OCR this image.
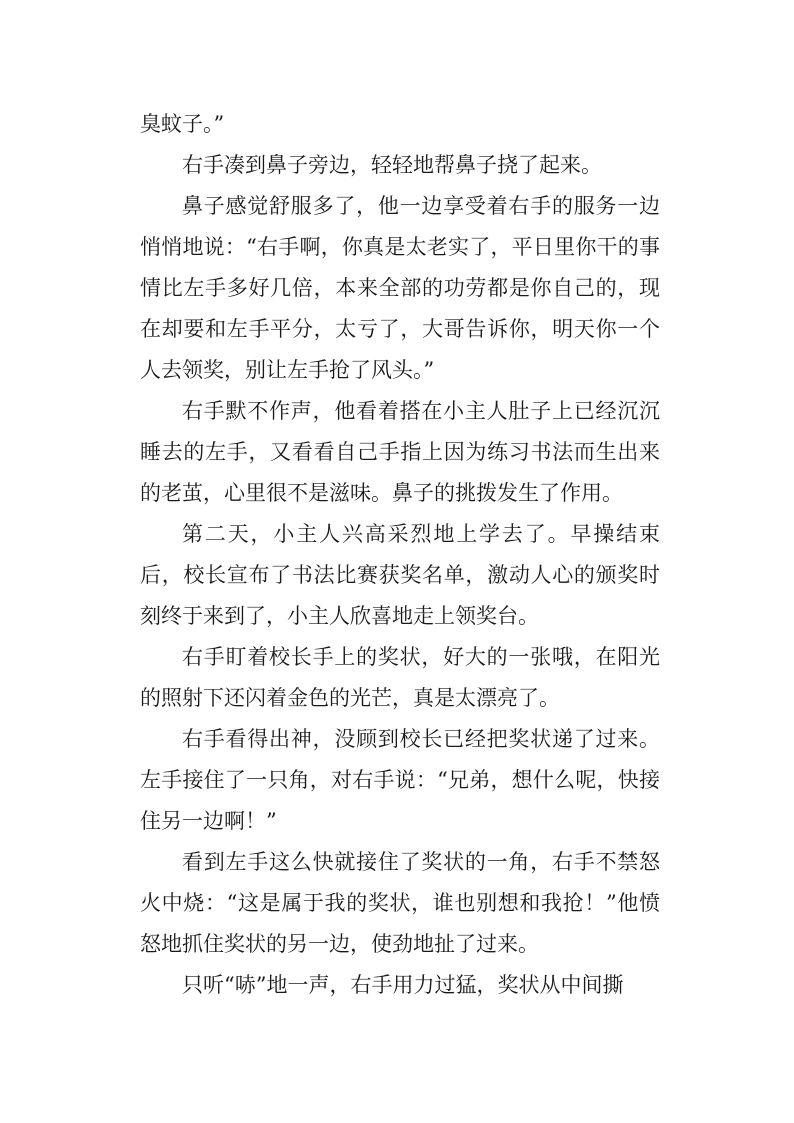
臭蚊子。”

右手凑到鼻子旁边，轻轻地帮鼻子挠了起来。

鼻子感觉舒服多了，他一边享受着右手的服务一边悄悄地说：“右手啊，你真是太老实了，平日里你干的事情比左手多好几倍，本来全部的功劳都是你自己的，现在却要和左手平分，太亏了，大哥告诉你，明天你一个人去领奖，别让左手抢了风头。”

右手默不作声，他看着搭在小主人肚子上已经沉沉睡去的左手，又看看自己手指上因为练习书法而生出来的老茧，心里很不是滋味。鼻子的挑拨发生了作用。

第二天，小主人兴高采烈地上学去了。早操结束后，校长宣布了书法比赛获奖名单，激动人心的颁奖时刻终于来到了，小主人欣喜地走上领奖台。

右手盯着校长手上的奖状，好大的一张哦，在阳光的照射下还闪着金色的光芒，真是太漂亮了。

右手看得出神，没顾到校长已经把奖状递了过来。左手接住了一只角，对右手说：“兄弟，想什么呢，快接住另一边啊！”

看到左手这么快就接住了奖状的一角，右手不禁怒火中烧：“这是属于我的奖状，谁也别想和我抢！”他愤怒地抓住奖状的另一边，使劲地扯了过来。

只听“哧”地一声，右手用力过猛，奖状从中间撕
